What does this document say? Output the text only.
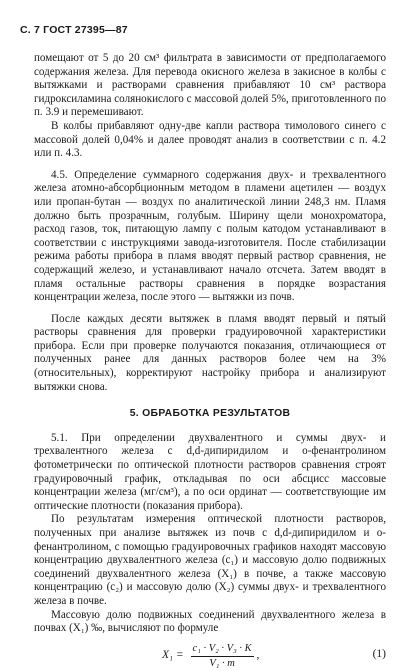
С. 7 ГОСТ 27395—87

помещают от 5 до 20 см³ фильтрата в зависимости от предполагаемого содержания железа. Для перевода окисного железа в закисное в колбы с вытяжками и растворами сравнения прибавляют 10 см³ раствора гидроксиламина солянокислого с массовой долей 5%, приготовленного по п. 3.9 и перемешивают.

В колбы прибавляют одну-две капли раствора тимолового синего с массовой долей 0,04% и далее проводят анализ в соответствии с п. 4.2 или п. 4.3.

4.5. Определение суммарного содержания двух- и трехвалентного железа атомно-абсорбционным методом в пламени ацетилен — воздух или пропан-бутан — воздух по аналитической линии 248,3 нм. Пламя должно быть прозрачным, голубым. Ширину щели монохроматора, расход газов, ток, питающую лампу с полым катодом устанавливают в соответствии с инструкциями завода-изготовителя. После стабилизации режима работы прибора в пламя вводят первый раствор сравнения, не содержащий железо, и устанавливают начало отсчета. Затем вводят в пламя остальные растворы сравнения в порядке возрастания концентрации железа, после этого — вытяжки из почв.

После каждых десяти вытяжек в пламя вводят первый и пятый растворы сравнения для проверки градуировочной характеристики прибора. Если при проверке получаются показания, отличающиеся от полученных ранее для данных растворов более чем на 3% (относительных), корректируют настройку прибора и анализируют вытяжки снова.

5. ОБРАБОТКА РЕЗУЛЬТАТОВ

5.1. При определении двухвалентного и суммы двух- и трехвалентного железа с d,d-дипиридилом и о-фенантролином фотометрически по оптической плотности растворов сравнения строят градуировочный график, откладывая по оси абсцисс массовые концентрации железа (мг/см³), а по оси ординат — соответствующие им оптические плотности (показания прибора).

По результатам измерения оптической плотности растворов, полученных при анализе вытяжек из почв с d,d-дипиридилом и о-фенантролином, с помощью градуировочных графиков находят массовую концентрацию двухвалентного железа (c₁) и массовую долю подвижных соединений двухвалентного железа (X₁) в почве, а также массовую концентрацию (c₂) и массовую долю (X₂) суммы двух- и трехвалентного железа в почве.

Массовую долю подвижных соединений двухвалентного железа в почвах (X₁) ‰, вычисляют по формуле

$X_1 = \frac{\text{c₁ · V₂ · V₃ · K}}{\text{V₁ · m}}$ ,	(1)
